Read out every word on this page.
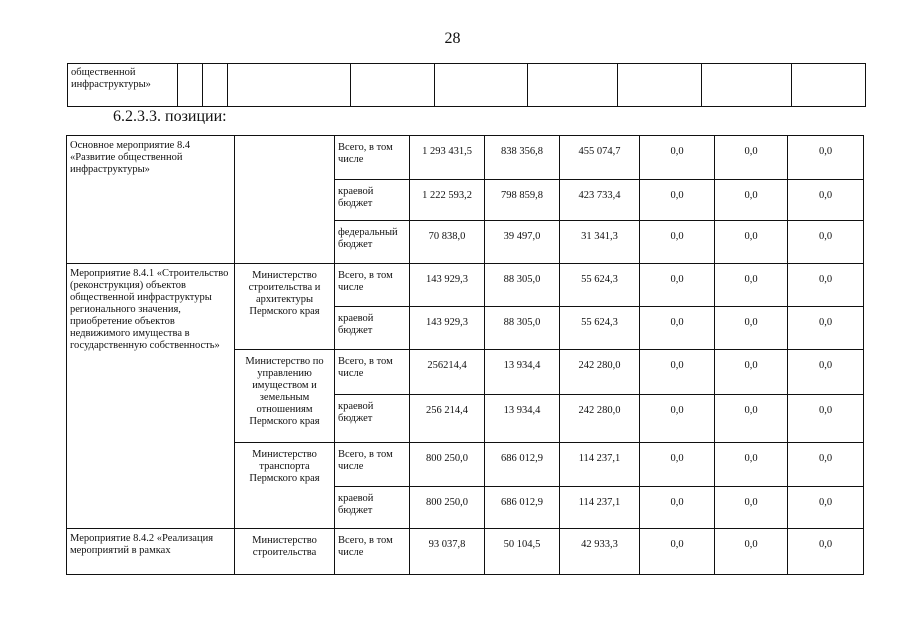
28
общественной инфраструктуры»									
6.2.3.3. позиции:
Основное мероприятие 8.4 «Развитие общественной инфраструктуры»		Всего, в том числе	1 293 431,5	838 356,8	455 074,7	0,0	0,0	0,0
		краевой бюджет	1 222 593,2	798 859,8	423 733,4	0,0	0,0	0,0
		федеральный бюджет	70 838,0	39 497,0	31 341,3	0,0	0,0	0,0
Мероприятие 8.4.1 «Строительство (реконструкция) объектов общественной инфраструктуры регионального значения, приобретение объектов недвижимого имущества в государственную собственность»	Министерство строительства и архитектуры Пермского края	Всего, в том числе	143 929,3	88 305,0	55 624,3	0,0	0,0	0,0
		краевой бюджет	143 929,3	88 305,0	55 624,3	0,0	0,0	0,0
	Министерство по управлению имуществом и земельным отношениям Пермского края	Всего, в том числе	256214,4	13 934,4	242 280,0	0,0	0,0	0,0
		краевой бюджет	256 214,4	13 934,4	242 280,0	0,0	0,0	0,0
	Министерство транспорта Пермского края	Всего, в том числе	800 250,0	686 012,9	114 237,1	0,0	0,0	0,0
		краевой бюджет	800 250,0	686 012,9	114 237,1	0,0	0,0	0,0
Мероприятие 8.4.2 «Реализация мероприятий в рамках	Министерство строительства	Всего, в том числе	93 037,8	50 104,5	42 933,3	0,0	0,0	0,0
